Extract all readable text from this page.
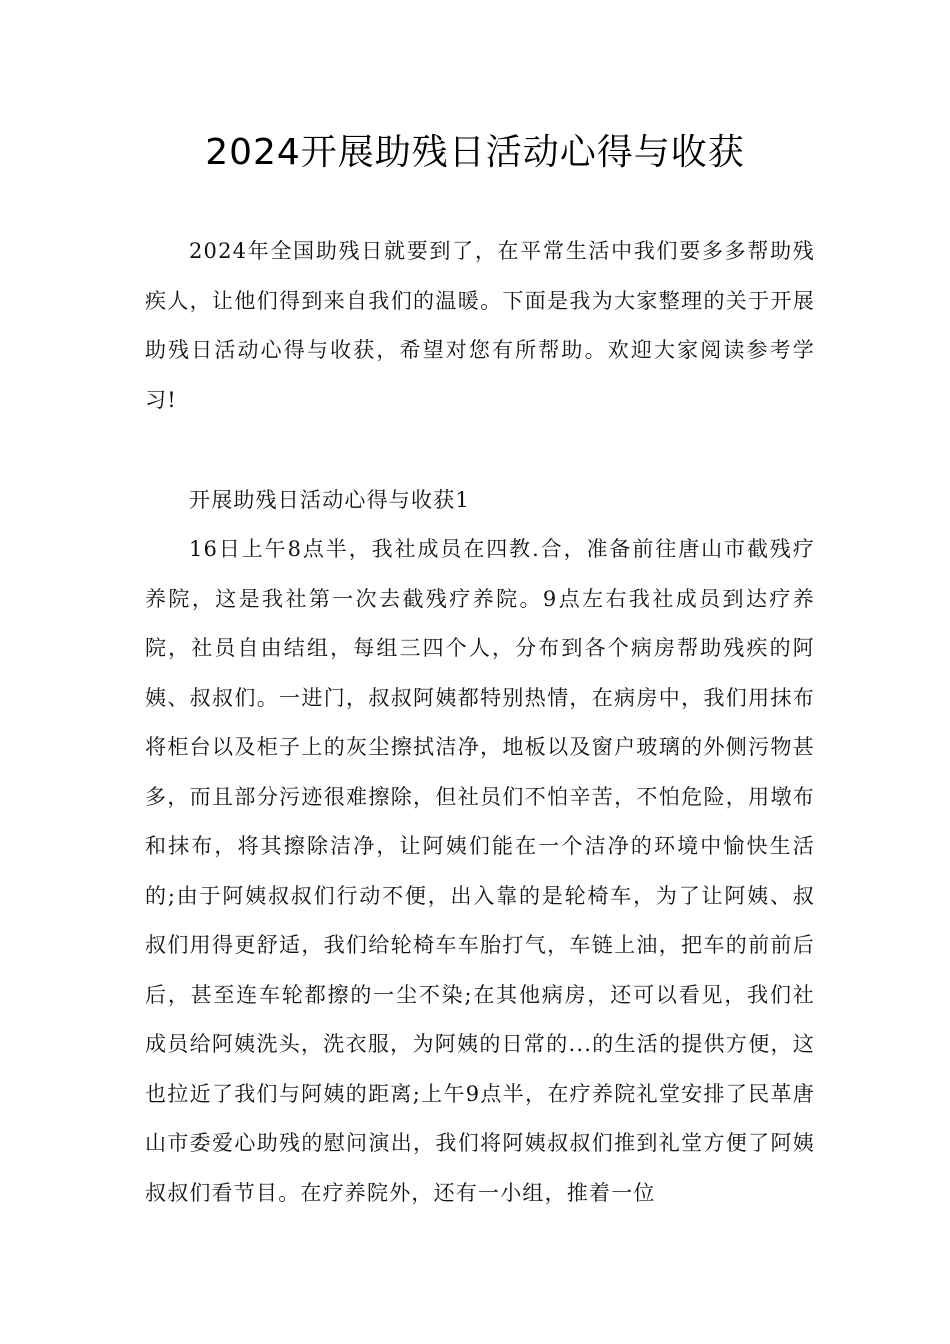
2024开展助残日活动心得与收获

2024年全国助残日就要到了，在平常生活中我们要多多帮助残疾人，让他们得到来自我们的温暖。下面是我为大家整理的关于开展助残日活动心得与收获，希望对您有所帮助。欢迎大家阅读参考学习!

开展助残日活动心得与收获1

16日上午8点半，我社成员在四教.合，准备前往唐山市截残疗养院，这是我社第一次去截残疗养院。9点左右我社成员到达疗养院，社员自由结组，每组三四个人，分布到各个病房帮助残疾的阿姨、叔叔们。一进门，叔叔阿姨都特别热情，在病房中，我们用抹布将柜台以及柜子上的灰尘擦拭洁净，地板以及窗户玻璃的外侧污物甚多，而且部分污迹很难擦除，但社员们不怕辛苦，不怕危险，用墩布和抹布，将其擦除洁净，让阿姨们能在一个洁净的环境中愉快生活的;由于阿姨叔叔们行动不便，出入靠的是轮椅车，为了让阿姨、叔叔们用得更舒适，我们给轮椅车车胎打气，车链上油，把车的前前后后，甚至连车轮都擦的一尘不染;在其他病房，还可以看见，我们社成员给阿姨洗头，洗衣服，为阿姨的日常的...的生活的提供方便，这也拉近了我们与阿姨的距离;上午9点半，在疗养院礼堂安排了民革唐山市委爱心助残的慰问演出，我们将阿姨叔叔们推到礼堂方便了阿姨叔叔们看节目。在疗养院外，还有一小组，推着一位
